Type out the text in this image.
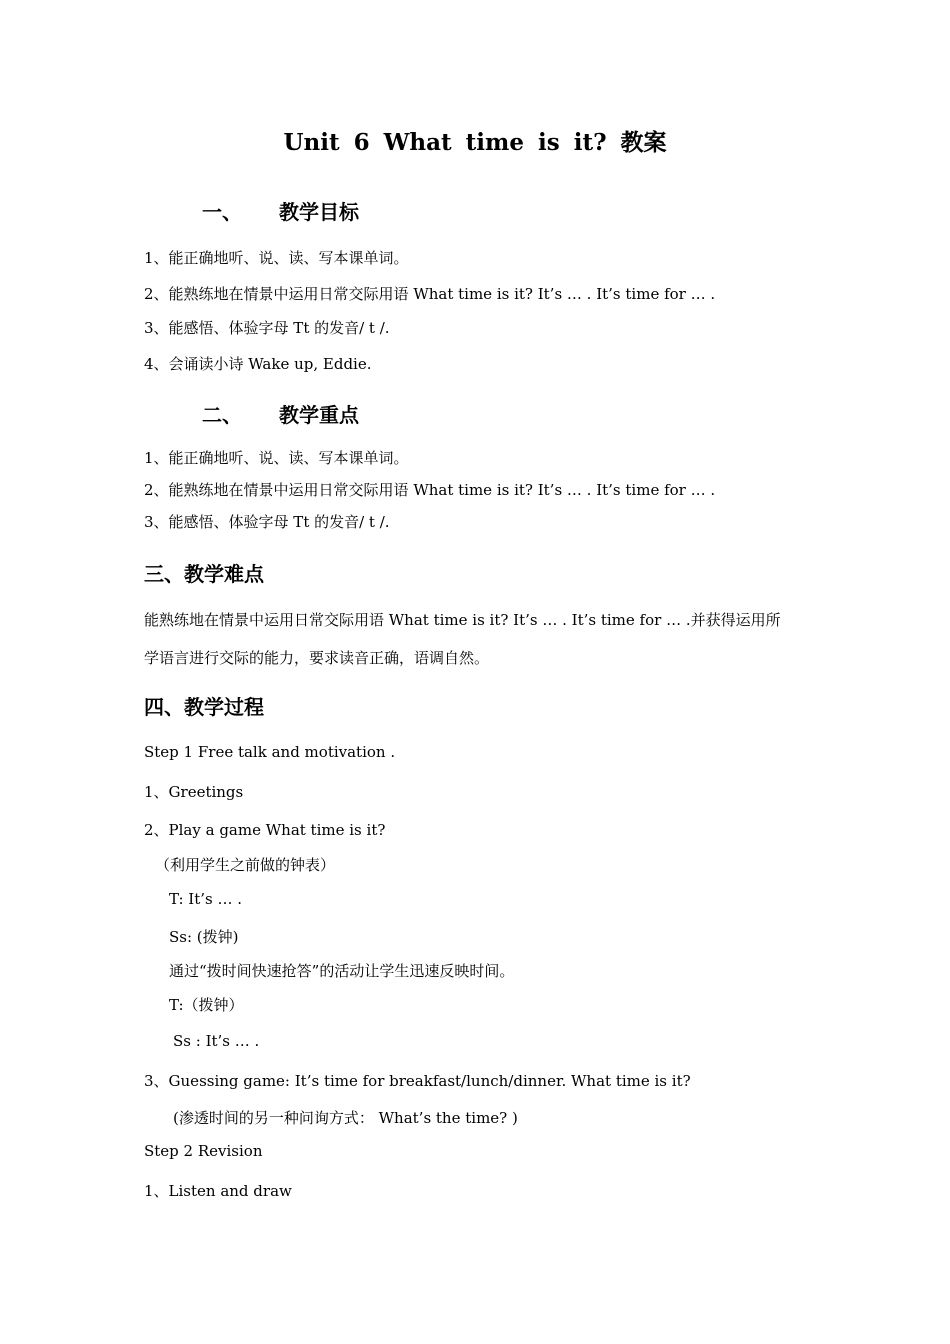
Unit 6 What time is it? 教案
一、 教学目标
1、能正确地听、说、读、写本课单词。
2、能熟练地在情景中运用日常交际用语 What time is it? It’s … . It’s time for … .
3、能感悟、体验字母 Tt 的发音/ t /.
4、会诵读小诗 Wake up, Eddie.
二、 教学重点
1、能正确地听、说、读、写本课单词。
2、能熟练地在情景中运用日常交际用语 What time is it? It’s … . It’s time for … .
3、能感悟、体验字母 Tt 的发音/ t /.
三、教学难点
能熟练地在情景中运用日常交际用语 What time is it? It’s … . It’s time for … .并获得运用所
学语言进行交际的能力，要求读音正确，语调自然。
四、教学过程
Step 1 Free talk and motivation .
1、Greetings
2、Play a game What time is it?
（利用学生之前做的钟表）
T: It’s … .
Ss: (拨钟)
通过“拨时间快速抢答”的活动让学生迅速反映时间。
T:（拨钟）
Ss : It’s … .
3、Guessing game: It’s time for breakfast/lunch/dinner. What time is it?
(渗透时间的另一种问询方式： What’s the time? )
Step 2 Revision
1、Listen and draw
